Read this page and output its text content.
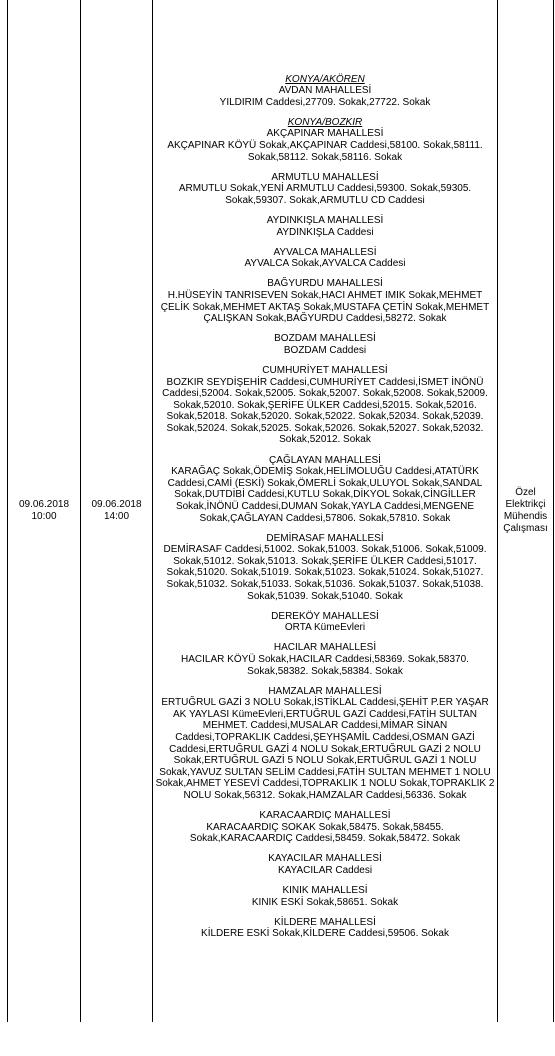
09.06.2018
10:00

09.06.2018
14:00

KONYA/AKÖREN
AVDAN MAHALLESİ
YILDIRIM Caddesi,27709. Sokak,27722. Sokak
KONYA/BOZKIR
AKÇAPINAR MAHALLESİ
AKÇAPINAR KÖYÜ Sokak,AKÇAPINAR Caddesi,58100. Sokak,58111.
Sokak,58112. Sokak,58116. Sokak
ARMUTLU MAHALLESİ
ARMUTLU Sokak,YENİ ARMUTLU Caddesi,59300. Sokak,59305.
Sokak,59307. Sokak,ARMUTLU CD Caddesi
AYDINKIŞLA MAHALLESİ
AYDINKIŞLA Caddesi
AYVALCA MAHALLESİ
AYVALCA Sokak,AYVALCA Caddesi
BAĞYURDU MAHALLESİ
H.HÜSEYİN TANRISEVEN Sokak,HACI AHMET IMIK Sokak,MEHMET
ÇELİK Sokak,MEHMET AKTAŞ Sokak,MUSTAFA ÇETİN Sokak,MEHMET
ÇALIŞKAN Sokak,BAĞYURDU Caddesi,58272. Sokak
BOZDAM MAHALLESİ
BOZDAM Caddesi
CUMHURİYET MAHALLESİ
BOZKIR SEYDİŞEHİR Caddesi,CUMHURİYET Caddesi,İSMET İNÖNÜ
Caddesi,52004. Sokak,52005. Sokak,52007. Sokak,52008. Sokak,52009.
Sokak,52010. Sokak,ŞERİFE ÜLKER Caddesi,52015. Sokak,52016.
Sokak,52018. Sokak,52020. Sokak,52022. Sokak,52034. Sokak,52039.
Sokak,52024. Sokak,52025. Sokak,52026. Sokak,52027. Sokak,52032.
Sokak,52012. Sokak
ÇAĞLAYAN MAHALLESİ
KARAĞAÇ Sokak,ÖDEMİŞ Sokak,HELİMOLUĞU Caddesi,ATATÜRK
Caddesi,CAMİ (ESKİ) Sokak,ÖMERLİ Sokak,ULUYOL Sokak,SANDAL
Sokak,DUTDİBİ Caddesi,KUTLU Sokak,DİKYOL Sokak,CİNGİLLER
Sokak,İNÖNÜ Caddesi,DUMAN Sokak,YAYLA Caddesi,MENGENE
Sokak,ÇAĞLAYAN Caddesi,57806. Sokak,57810. Sokak
DEMİRASAF MAHALLESİ
DEMİRASAF Caddesi,51002. Sokak,51003. Sokak,51006. Sokak,51009.
Sokak,51012. Sokak,51013. Sokak,ŞERİFE ÜLKER Caddesi,51017.
Sokak,51020. Sokak,51019. Sokak,51023. Sokak,51024. Sokak,51027.
Sokak,51032. Sokak,51033. Sokak,51036. Sokak,51037. Sokak,51038.
Sokak,51039. Sokak,51040. Sokak
DEREKÖY MAHALLESİ
ORTA KümeEvleri
HACILAR MAHALLESİ
HACILAR KÖYÜ Sokak,HACILAR Caddesi,58369. Sokak,58370.
Sokak,58382. Sokak,58384. Sokak
HAMZALAR MAHALLESİ
ERTUĞRUL GAZİ 3 NOLU Sokak,İSTİKLAL Caddesi,ŞEHİT P.ER YAŞAR
AK YAYLASI KümeEvleri,ERTUĞRUL GAZİ Caddesi,FATİH SULTAN
MEHMET. Caddesi,MUSALAR Caddesi,MİMAR SİNAN
Caddesi,TOPRAKLIK Caddesi,ŞEYHŞAMİL Caddesi,OSMAN GAZİ
Caddesi,ERTUĞRUL GAZİ 4 NOLU Sokak,ERTUĞRUL GAZİ 2 NOLU
Sokak,ERTUĞRUL GAZİ 5 NOLU Sokak,ERTUĞRUL GAZİ 1 NOLU
Sokak,YAVUZ SULTAN SELİM Caddesi,FATİH SULTAN MEHMET 1 NOLU
Sokak,AHMET YESEVİ Caddesi,TOPRAKLIK 1 NOLU Sokak,TOPRAKLIK 2
NOLU Sokak,56312. Sokak,HAMZALAR Caddesi,56336. Sokak
KARACAARDIÇ MAHALLESİ
KARACAARDIÇ SOKAK Sokak,58475. Sokak,58455.
Sokak,KARACAARDIÇ Caddesi,58459. Sokak,58472. Sokak
KAYACILAR MAHALLESİ
KAYACILAR Caddesi
KINIK MAHALLESİ
KINIK ESKİ Sokak,58651. Sokak
KİLDERE MAHALLESİ
KİLDERE ESKİ Sokak,KİLDERE Caddesi,59506. Sokak

Özel
Elektrikçi
Mühendis
Çalışması
